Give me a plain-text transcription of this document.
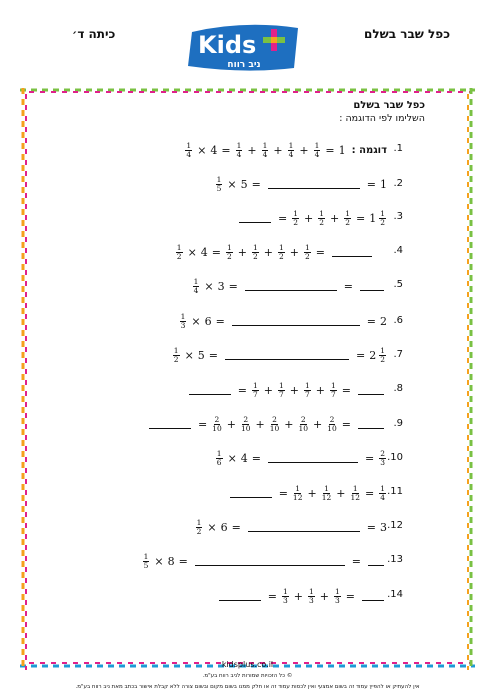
כפל שבר בשלם
כיתה ד׳	Kids
ניב רווח
כפל שבר בשלם
השלימו לפי הדוגמה :
.1
.2
.3
.4
.5
.6
.7
.8
.9
.10
.11
.12
.13
.14
$\frac{1}{4} \times 4 = \frac{1}{4} + \frac{1}{4} + \frac{1}{4} + \frac{1}{4} = 1$ דוגמה :
$\frac{1}{5} \times 5$ =	= 1
= $\frac{1}{2} + \frac{1}{2} + \frac{1}{2} = 1$ 1
2
$\frac{1}{2} \times 4 = \frac{1}{2} + \frac{1}{2} + \frac{1}{2} + \frac{1}{2}$ =
$\frac{1}{4} \times 3$ =	=
$\frac{1}{3} \times 6$ =	= 2
$\frac{1}{2} \times 5$ =	= 2 1
2
= $\frac{1}{7} + \frac{1}{7} + \frac{1}{7} + \frac{1}{7}$ =
= $\frac{2}{10} + \frac{2}{10} + \frac{2}{10} + \frac{2}{10} + \frac{2}{10}$ =
$\frac{1}{6} \times 4$ =	= $\frac{2}{3}$
= $\frac{1}{12} + \frac{1}{12} + \frac{1}{12} = \frac{1}{4}$
$\frac{1}{2} \times 6$ =	= 3
$\frac{1}{5} \times 8$ =	=
= $\frac{1}{3} + \frac{1}{3} + \frac{1}{3}$ =
kidsplus.co.il
© כל הזכויות שמורות לניב רווח בע"מ.
אין להעתיק או להפיץ עמוד זה בשום אמצעי ואין לכסות עמוד זה או חלק ממנו בשום מקום ובשום צורה ללא קבלת אישור בכתב מאת ניב רווח בע"מ.
